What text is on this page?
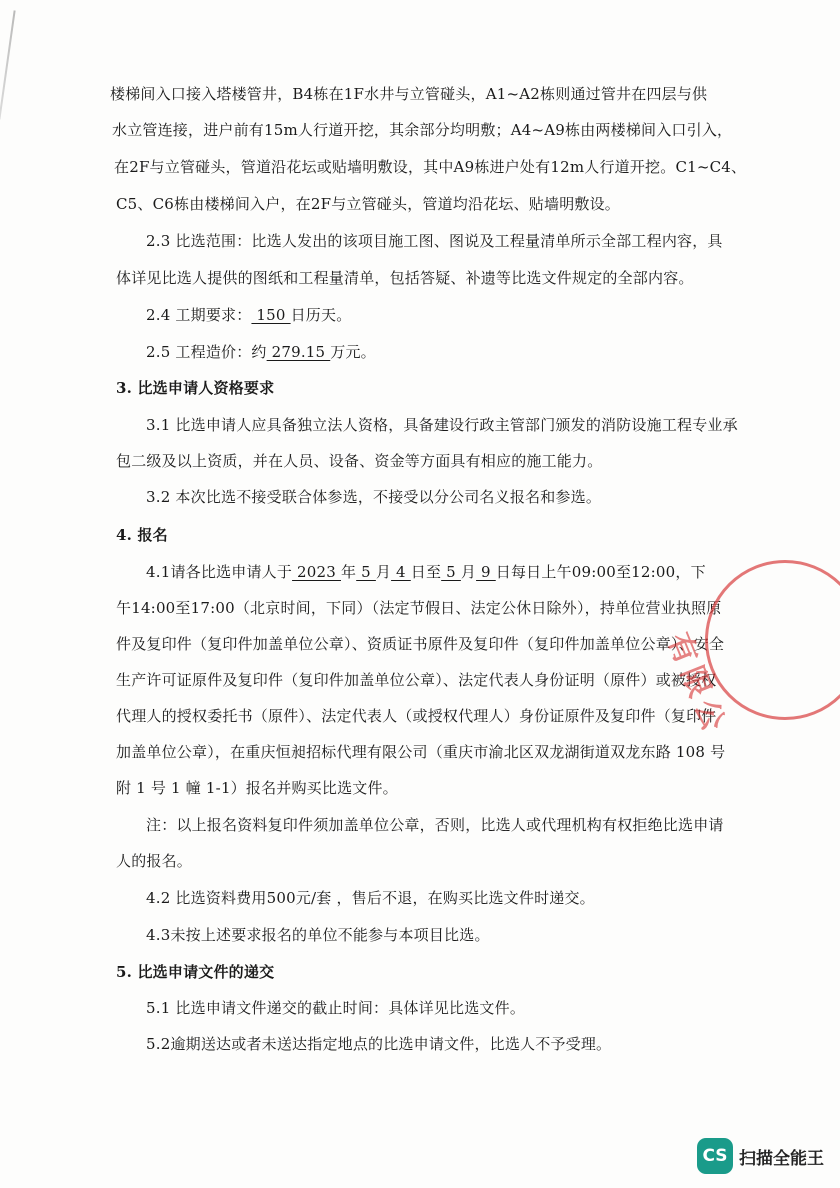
楼梯间入口接入塔楼管井，B4栋在1F水井与立管碰头，A1~A2栋则通过管井在四层与供
水立管连接，进户前有15m人行道开挖，其余部分均明敷；A4~A9栋由两楼梯间入口引入，
在2F与立管碰头，管道沿花坛或贴墙明敷设，其中A9栋进户处有12m人行道开挖。C1~C4、
C5、C6栋由楼梯间入户，在2F与立管碰头，管道均沿花坛、贴墙明敷设。
2.3 比选范围：比选人发出的该项目施工图、图说及工程量清单所示全部工程内容，具
体详见比选人提供的图纸和工程量清单，包括答疑、补遗等比选文件规定的全部内容。
2.4 工期要求： 150 日历天。
2.5 工程造价：约 279.15 万元。
3. 比选申请人资格要求
3.1 比选申请人应具备独立法人资格，具备建设行政主管部门颁发的消防设施工程专业承
包二级及以上资质，并在人员、设备、资金等方面具有相应的施工能力。
3.2 本次比选不接受联合体参选，不接受以分公司名义报名和参选。
4. 报名
4.1请各比选申请人于 2023 年 5 月 4 日至 5 月 9 日每日上午09:00至12:00，下
午14:00至17:00（北京时间，下同）（法定节假日、法定公休日除外），持单位营业执照原
件及复印件（复印件加盖单位公章）、资质证书原件及复印件（复印件加盖单位公章）、安全
生产许可证原件及复印件（复印件加盖单位公章）、法定代表人身份证明（原件）或被授权
代理人的授权委托书（原件）、法定代表人（或授权代理人）身份证原件及复印件（复印件
加盖单位公章），在重庆恒昶招标代理有限公司（重庆市渝北区双龙湖街道双龙东路 108 号
附 1 号 1 幢 1-1）报名并购买比选文件。
注：以上报名资料复印件须加盖单位公章，否则，比选人或代理机构有权拒绝比选申请
人的报名。
4.2 比选资料费用500元/套 ，售后不退，在购买比选文件时递交。
4.3未按上述要求报名的单位不能参与本项目比选。
5. 比选申请文件的递交
5.1 比选申请文件递交的截止时间：具体详见比选文件。
5.2逾期送达或者未送达指定地点的比选申请文件，比选人不予受理。
有限公
CS 扫描全能王
